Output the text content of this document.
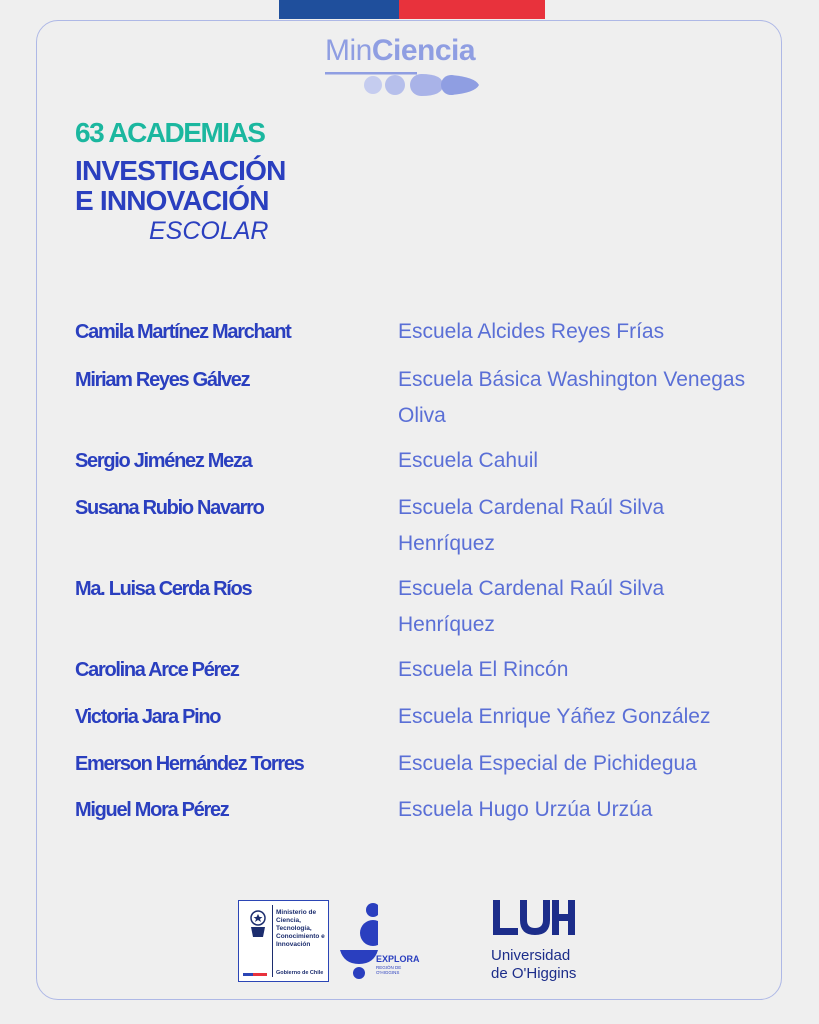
MinCiencia
63 ACADEMIAS
INVESTIGACIÓN
E INNOVACIÓN
ESCOLAR
Camila Martínez Marchant	Escuela Alcides Reyes Frías
Miriam Reyes Gálvez	Escuela Básica Washington Venegas Oliva
Sergio Jiménez Meza	Escuela Cahuil
Susana Rubio Navarro	Escuela Cardenal Raúl Silva Henríquez
Ma. Luisa Cerda Ríos	Escuela Cardenal Raúl Silva Henríquez
Carolina Arce Pérez	Escuela El Rincón
Victoria Jara Pino	Escuela Enrique Yáñez González
Emerson Hernández Torres	Escuela Especial de Pichidegua
Miguel Mora Pérez	Escuela Hugo Urzúa Urzúa
Ministerio de Ciencia, Tecnología, Conocimiento e Innovación
Gobierno de Chile
EXPLORA
REGIÓN DE O'HIGGINS
Universidad
de O'Higgins
